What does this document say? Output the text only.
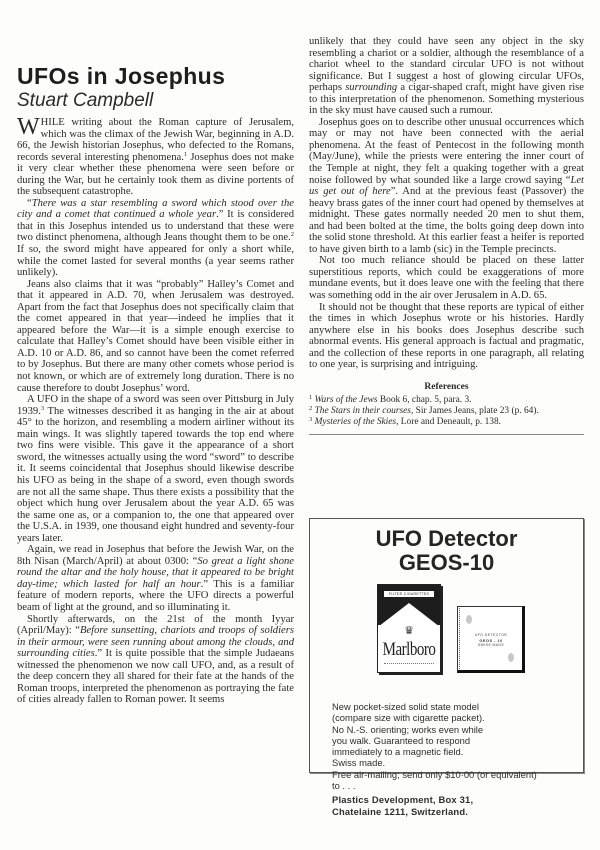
UFOs in Josephus
Stuart Campbell

WHILE writing about the Roman capture of Jerusalem, which was the climax of the Jewish War, beginning in A.D. 66, the Jewish historian Josephus, who defected to the Romans, records several interesting phenomena.$^1$ Josephus does not make it very clear whether these phenomena were seen before or during the War, but he certainly took them as divine portents of the subsequent catastrophe.

“There was a star resembling a sword which stood over the city and a comet that continued a whole year.” It is considered that in this Josephus intended us to understand that these were two distinct phenomena, although Jeans thought them to be one.$^2$ If so, the sword might have appeared for only a short while, while the comet lasted for several months (a year seems rather unlikely).

Jeans also claims that it was “probably” Halley’s Comet and that it appeared in A.D. 70, when Jerusalem was destroyed. Apart from the fact that Josephus does not specifically claim that the comet appeared in that year—indeed he implies that it appeared before the War—it is a simple enough exercise to calculate that Halley’s Comet should have been visible either in A.D. 10 or A.D. 86, and so cannot have been the comet referred to by Josephus. But there are many other comets whose period is not known, or which are of extremely long duration. There is no cause therefore to doubt Josephus’ word.

A UFO in the shape of a sword was seen over Pittsburg in July 1939.$^3$ The witnesses described it as hanging in the air at about 45° to the horizon, and resembling a modern airliner without its main wings. It was slightly tapered towards the top end where two fins were visible. This gave it the appearance of a short sword, the witnesses actually using the word “sword” to describe it. It seems coincidental that Josephus should likewise describe his UFO as being in the shape of a sword, even though swords are not all the same shape. Thus there exists a possibility that the object which hung over Jerusalem about the year A.D. 65 was the same one as, or a companion to, the one that appeared over the U.S.A. in 1939, one thousand eight hundred and seventy-four years later.

Again, we read in Josephus that before the Jewish War, on the 8th Nisan (March/April) at about 0300: “So great a light shone round the altar and the holy house, that it appeared to be bright day-time; which lasted for half an hour.” This is a familiar feature of modern reports, where the UFO directs a powerful beam of light at the ground, and so illuminating it.

Shortly afterwards, on the 21st of the month Iyyar (April/May): “Before sunsetting, chariots and troops of soldiers in their armour, were seen running about among the clouds, and surrounding cities.” It is quite possible that the simple Judaeans witnessed the phenomenon we now call UFO, and, as a result of the deep concern they all shared for their fate at the hands of the Roman troops, interpreted the phenomenon as portraying the fate of cities already fallen to Roman power. It seems

unlikely that they could have seen any object in the sky resembling a chariot or a soldier, although the resemblance of a chariot wheel to the standard circular UFO is not without significance. But I suggest a host of glowing circular UFOs, perhaps surrounding a cigar-shaped craft, might have given rise to this interpretation of the phenomenon. Something mysterious in the sky must have caused such a rumour.

Josephus goes on to describe other unusual occurrences which may or may not have been connected with the aerial phenomena. At the feast of Pentecost in the following month (May/June), while the priests were entering the inner court of the Temple at night, they felt a quaking together with a great noise followed by what sounded like a large crowd saying “Let us get out of here”. And at the previous feast (Passover) the heavy brass gates of the inner court had opened by themselves at midnight. These gates normally needed 20 men to shut them, and had been bolted at the time, the bolts going deep down into the solid stone threshold. At this earlier feast a heifer is reported to have given birth to a lamb (sic) in the Temple precincts.

Not too much reliance should be placed on these latter superstitious reports, which could be exaggerations of more mundane events, but it does leave one with the feeling that there was something odd in the air over Jerusalem in A.D. 65.

It should not be thought that these reports are typical of either the times in which Josephus wrote or his histories. Hardly anywhere else in his books does Josephus describe such abnormal events. His general approach is factual and pragmatic, and the collection of these reports in one paragraph, all relating to one year, is surprising and intriguing.

References
$^1$ Wars of the Jews Book 6, chap. 5, para. 3.
$^2$ The Stars in their courses, Sir James Jeans, plate 23 (p. 64).
$^3$ Mysteries of the Skies, Lore and Deneault, p. 138.
UFO Detector
GEOS-10
FILTER CIGARETTES
♛
Marlboro
UFO DETECTOR
GEOS - 10
SWISS MADE
New pocket-sized solid state model
(compare size with cigarette packet).
No N.-S. orienting; works even while
you walk. Guaranteed to respond
immediately to a magnetic field.
Swiss made.
Free air-mailing; send only $10·00 (or equivalent)
to . . .
Plastics Development, Box 31,
Chatelaine 1211, Switzerland.
